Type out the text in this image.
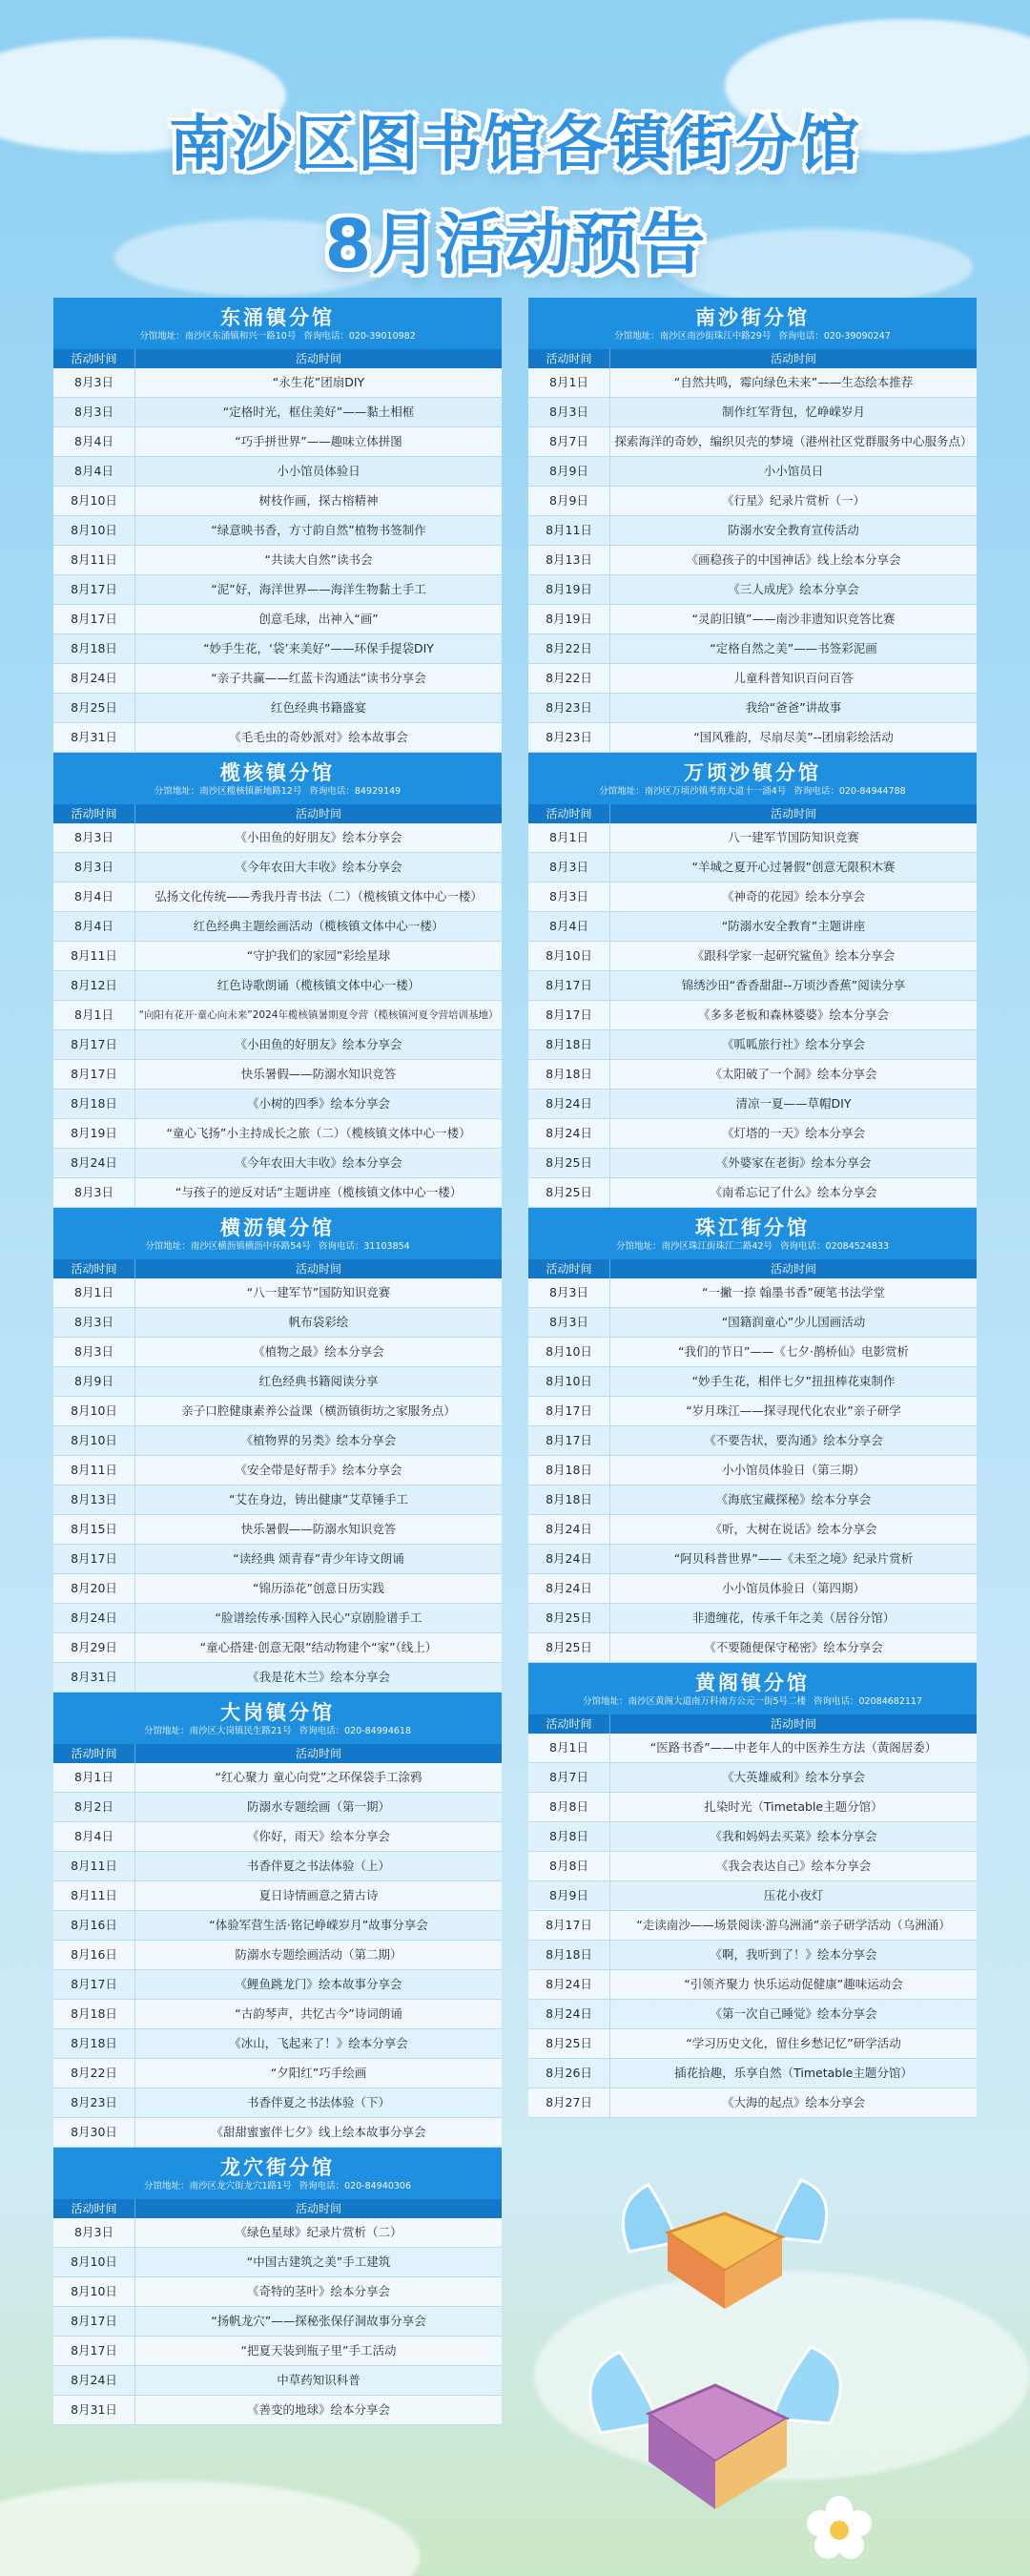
南沙区图书馆各镇街分馆
8月活动预告
东涌镇分馆
分馆地址：南沙区东涌镇和兴一路10号 咨询电话：020-39010982
活动时间	活动时间
8月3日	“永生花”团扇DIY
8月3日	“定格时光，框住美好”——黏土相框
8月4日	“巧手拼世界”——趣味立体拼图
8月4日	小小馆员体验日
8月10日	树枝作画，探古榕精神
8月10日	“绿意映书香，方寸韵自然”植物书签制作
8月11日	“共读大自然”读书会
8月17日	“泥”好，海洋世界——海洋生物黏土手工
8月17日	创意毛球，出神入“画”
8月18日	“妙手生花，‘袋’来美好”——环保手提袋DIY
8月24日	“亲子共赢——红蓝卡沟通法”读书分享会
8月25日	红色经典书籍盛宴
8月31日	《毛毛虫的奇妙派对》绘本故事会
榄核镇分馆
分馆地址：南沙区榄核镇新地路12号 咨询电话：84929149
活动时间	活动时间
8月3日	《小田鱼的好朋友》绘本分享会
8月3日	《今年农田大丰收》绘本分享会
8月4日	弘扬文化传统——秀我丹青书法（二）（榄核镇文体中心一楼）
8月4日	红色经典主题绘画活动（榄核镇文体中心一楼）
8月11日	“守护我们的家园”彩绘星球
8月12日	红色诗歌朗诵（榄核镇文体中心一楼）
8月1日	“向阳有花开·童心向未来”2024年榄核镇暑期夏令营（榄核镇河夏令营培训基地）
8月17日	《小田鱼的好朋友》绘本分享会
8月17日	快乐暑假——防溺水知识竞答
8月18日	《小树的四季》绘本分享会
8月19日	“童心飞扬”小主持成长之旅（二）（榄核镇文体中心一楼）
8月24日	《今年农田大丰收》绘本分享会
8月3日	“与孩子的逆反对话”主题讲座（榄核镇文体中心一楼）
横沥镇分馆
分馆地址：南沙区横沥镇横沥中环路54号 咨询电话：31103854
活动时间	活动时间
8月1日	“八一建军节”国防知识竞赛
8月3日	帆布袋彩绘
8月3日	《植物之最》绘本分享会
8月9日	红色经典书籍阅读分享
8月10日	亲子口腔健康素养公益课（横沥镇街坊之家服务点）
8月10日	《植物界的另类》绘本分享会
8月11日	《安全带是好帮手》绘本分享会
8月13日	“艾在身边，铸出健康”艾草锤手工
8月15日	快乐暑假——防溺水知识竞答
8月17日	“读经典 颂青春”青少年诗文朗诵
8月20日	“锦历添花”创意日历实践
8月24日	“脸谱绘传承·国粹入民心”京剧脸谱手工
8月29日	“童心搭建·创意无限”结动物建个“家”（线上）
8月31日	《我是花木兰》绘本分享会
大岗镇分馆
分馆地址：南沙区大岗镇民生路21号 咨询电话：020-84994618
活动时间	活动时间
8月1日	“红心聚力 童心向党”之环保袋手工涂鸦
8月2日	防溺水专题绘画（第一期）
8月4日	《你好，雨天》绘本分享会
8月11日	书香伴夏之书法体验（上）
8月11日	夏日诗情画意之猜古诗
8月16日	“体验军营生活·铭记峥嵘岁月”故事分享会
8月16日	防溺水专题绘画活动（第二期）
8月17日	《鲤鱼跳龙门》绘本故事分享会
8月18日	“古韵琴声，共忆古今”诗词朗诵
8月18日	《冰山，飞起来了！》绘本分享会
8月22日	“夕阳红”巧手绘画
8月23日	书香伴夏之书法体验（下）
8月30日	《甜甜蜜蜜伴七夕》线上绘本故事分享会
龙穴街分馆
分馆地址：南沙区龙穴街龙穴1路1号 咨询电话：020-84940306
活动时间	活动时间
8月3日	《绿色星球》纪录片赏析（二）
8月10日	“中国古建筑之美”手工建筑
8月10日	《奇特的茎叶》绘本分享会
8月17日	“扬帆龙穴”——探秘张保仔洞故事分享会
8月17日	“把夏天装到瓶子里”手工活动
8月24日	中草药知识科普
8月31日	《善变的地球》绘本分享会
南沙街分馆
分馆地址：南沙区南沙街珠江中路29号 咨询电话：020-39090247
活动时间	活动时间
8月1日	“自然共鸣，霉向绿色未来”——生态绘本推荐
8月3日	制作红军背包，忆峥嵘岁月
8月7日	探索海洋的奇妙，编织贝壳的梦境（港州社区党群服务中心服务点）
8月9日	小小馆员日
8月9日	《行星》纪录片赏析（一）
8月11日	防溺水安全教育宣传活动
8月13日	《画稳孩子的中国神话》线上绘本分享会
8月19日	《三人成虎》绘本分享会
8月19日	“灵韵旧镇”——南沙非遗知识竞答比赛
8月22日	“定格自然之美”——书签彩泥画
8月22日	儿童科普知识百问百答
8月23日	我给“爸爸”讲故事
8月23日	“国风雅韵，尽扇尽美”--团扇彩绘活动
万顷沙镇分馆
分馆地址：南沙区万顷沙镇考海大道十一涌4号 咨询电话：020-84944788
活动时间	活动时间
8月1日	八一建军节国防知识竞赛
8月3日	“羊城之夏开心过暑假”创意无限积木赛
8月3日	《神奇的花园》绘本分享会
8月4日	“防溺水安全教育”主题讲座
8月10日	《跟科学家一起研究鲨鱼》绘本分享会
8月17日	锦绣沙田“香香甜甜--万顷沙香蕉”阅读分享
8月17日	《多多老板和森林婆婆》绘本分享会
8月18日	《呱呱旅行社》绘本分享会
8月18日	《太阳破了一个洞》绘本分享会
8月24日	清凉一夏——草帽DIY
8月24日	《灯塔的一天》绘本分享会
8月25日	《外婆家在老街》绘本分享会
8月25日	《南希忘记了什么》绘本分享会
珠江街分馆
分馆地址：南沙区珠江街珠江二路42号 咨询电话：02084524833
活动时间	活动时间
8月3日	“一撇一捺 翰墨书香”硬笔书法学堂
8月3日	“国籍润童心”少儿国画活动
8月10日	“我们的节日”——《七夕·鹊桥仙》电影赏析
8月10日	“妙手生花，相伴七夕”扭扭棒花束制作
8月17日	“岁月珠江——探寻现代化农业”亲子研学
8月17日	《不要告状，要沟通》绘本分享会
8月18日	小小馆员体验日（第三期）
8月18日	《海底宝藏探秘》绘本分享会
8月24日	《听，大树在说话》绘本分享会
8月24日	“阿贝科普世界”——《未至之境》纪录片赏析
8月24日	小小馆员体验日（第四期）
8月25日	非遗缠花，传承千年之美（居谷分馆）
8月25日	《不要随便保守秘密》绘本分享会
黄阁镇分馆
分馆地址：南沙区黄阁大道南万科南方公元一街5号二楼 咨询电话：02084682117
活动时间	活动时间
8月1日	“医路书香”——中老年人的中医养生方法（黄阁居委）
8月7日	《大英雄威利》绘本分享会
8月8日	扎染时光（Timetable主题分馆）
8月8日	《我和妈妈去买菜》绘本分享会
8月8日	《我会表达自己》绘本分享会
8月9日	压花小夜灯
8月17日	“走读南沙——场景阅读·游乌洲涌”亲子研学活动（乌洲涌）
8月18日	《啊，我听到了！》绘本分享会
8月24日	“引领齐聚力 快乐运动促健康”趣味运动会
8月24日	《第一次自己睡觉》绘本分享会
8月25日	“学习历史文化，留住乡愁记忆”研学活动
8月26日	插花拾趣，乐享自然（Timetable主题分馆）
8月27日	《大海的起点》绘本分享会
